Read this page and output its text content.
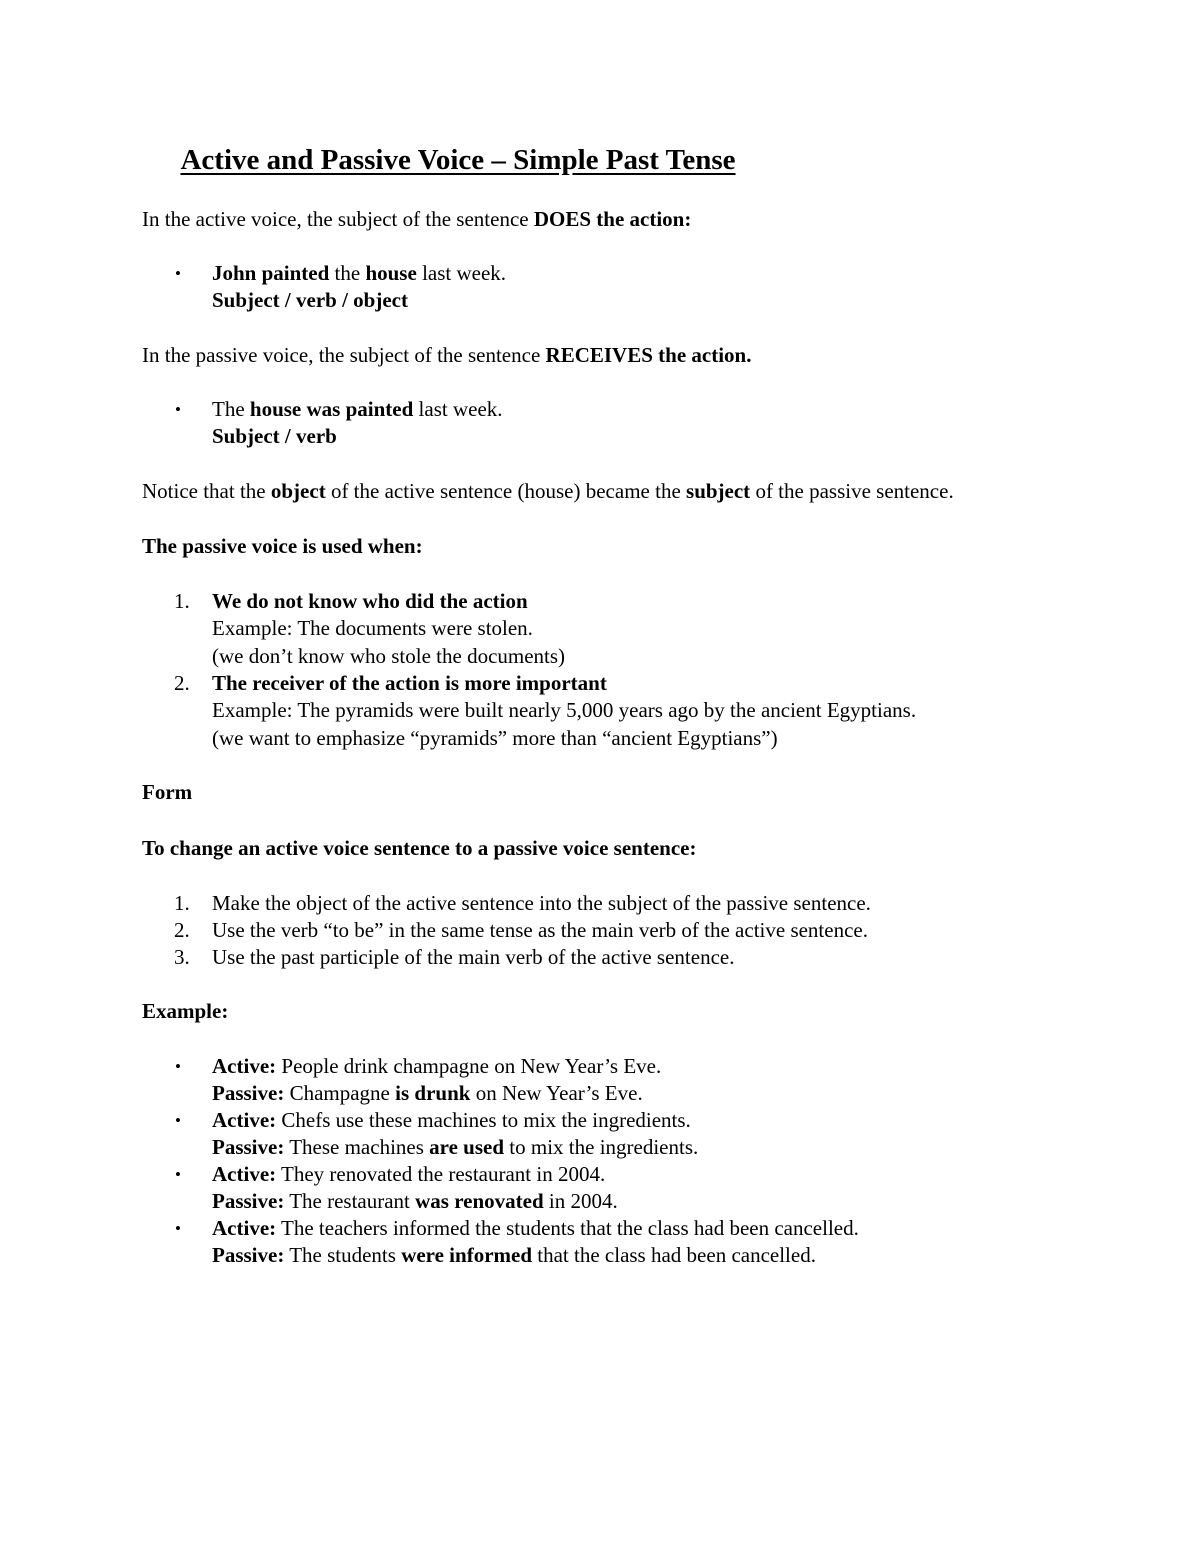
Active and Passive Voice – Simple Past Tense
In the active voice, the subject of the sentence DOES the action:
•	John painted the house last week.
Subject / verb / object
In the passive voice, the subject of the sentence RECEIVES the action.
•	The house was painted last week.
Subject / verb
Notice that the object of the active sentence (house) became the subject of the passive sentence.
The passive voice is used when:
1.	We do not know who did the action
Example: The documents were stolen.
(we don’t know who stole the documents)
2.	The receiver of the action is more important
Example: The pyramids were built nearly 5,000 years ago by the ancient Egyptians.
(we want to emphasize “pyramids” more than “ancient Egyptians”)
Form
To change an active voice sentence to a passive voice sentence:
1.	Make the object of the active sentence into the subject of the passive sentence.
2.	Use the verb “to be” in the same tense as the main verb of the active sentence.
3.	Use the past participle of the main verb of the active sentence.
Example:
•	Active: People drink champagne on New Year’s Eve.
Passive: Champagne is drunk on New Year’s Eve.
•	Active: Chefs use these machines to mix the ingredients.
Passive: These machines are used to mix the ingredients.
•	Active: They renovated the restaurant in 2004.
Passive: The restaurant was renovated in 2004.
•	Active: The teachers informed the students that the class had been cancelled.
Passive: The students were informed that the class had been cancelled.
